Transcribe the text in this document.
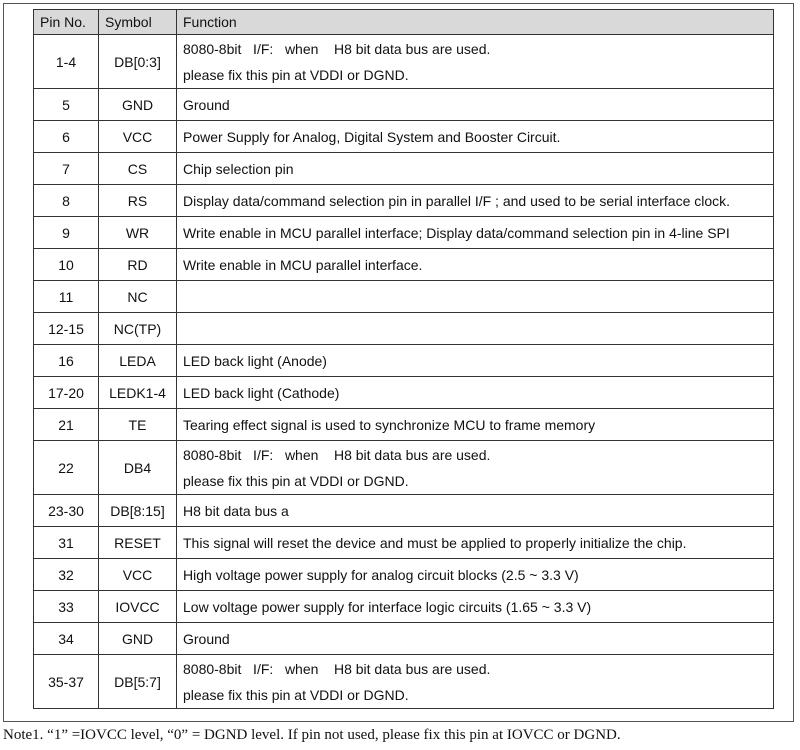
Pin No.	Symbol	Function
1-4	DB[0:3]	8080-8bit   I/F:   when    H8 bit data bus are used.
please fix this pin at VDDI or DGND.

5	GND	Ground

6	VCC	Power Supply for Analog, Digital System and Booster Circuit.

7	CS	Chip selection pin

8	RS	Display data/command selection pin in parallel I/F ; and used to be serial interface clock.

9	WR	Write enable in MCU parallel interface; Display data/command selection pin in 4-line SPI

10	RD	Write enable in MCU parallel interface.

11	NC	

12-15	NC(TP)	

16	LEDA	LED back light (Anode)

17-20	LEDK1-4	LED back light (Cathode)

21	TE	Tearing effect signal is used to synchronize MCU to frame memory

22	DB4	8080-8bit   I/F:   when    H8 bit data bus are used.
please fix this pin at VDDI or DGND.

23-30	DB[8:15]	H8 bit data bus a

31	RESET	This signal will reset the device and must be applied to properly initialize the chip.

32	VCC	High voltage power supply for analog circuit blocks (2.5 ~ 3.3 V)

33	IOVCC	Low voltage power supply for interface logic circuits (1.65 ~ 3.3 V)

34	GND	Ground

35-37	DB[5:7]	8080-8bit   I/F:   when    H8 bit data bus are used.
please fix this pin at VDDI or DGND.
Note1. “1” =IOVCC level, “0” = DGND level. If pin not used, please fix this pin at IOVCC or DGND.
